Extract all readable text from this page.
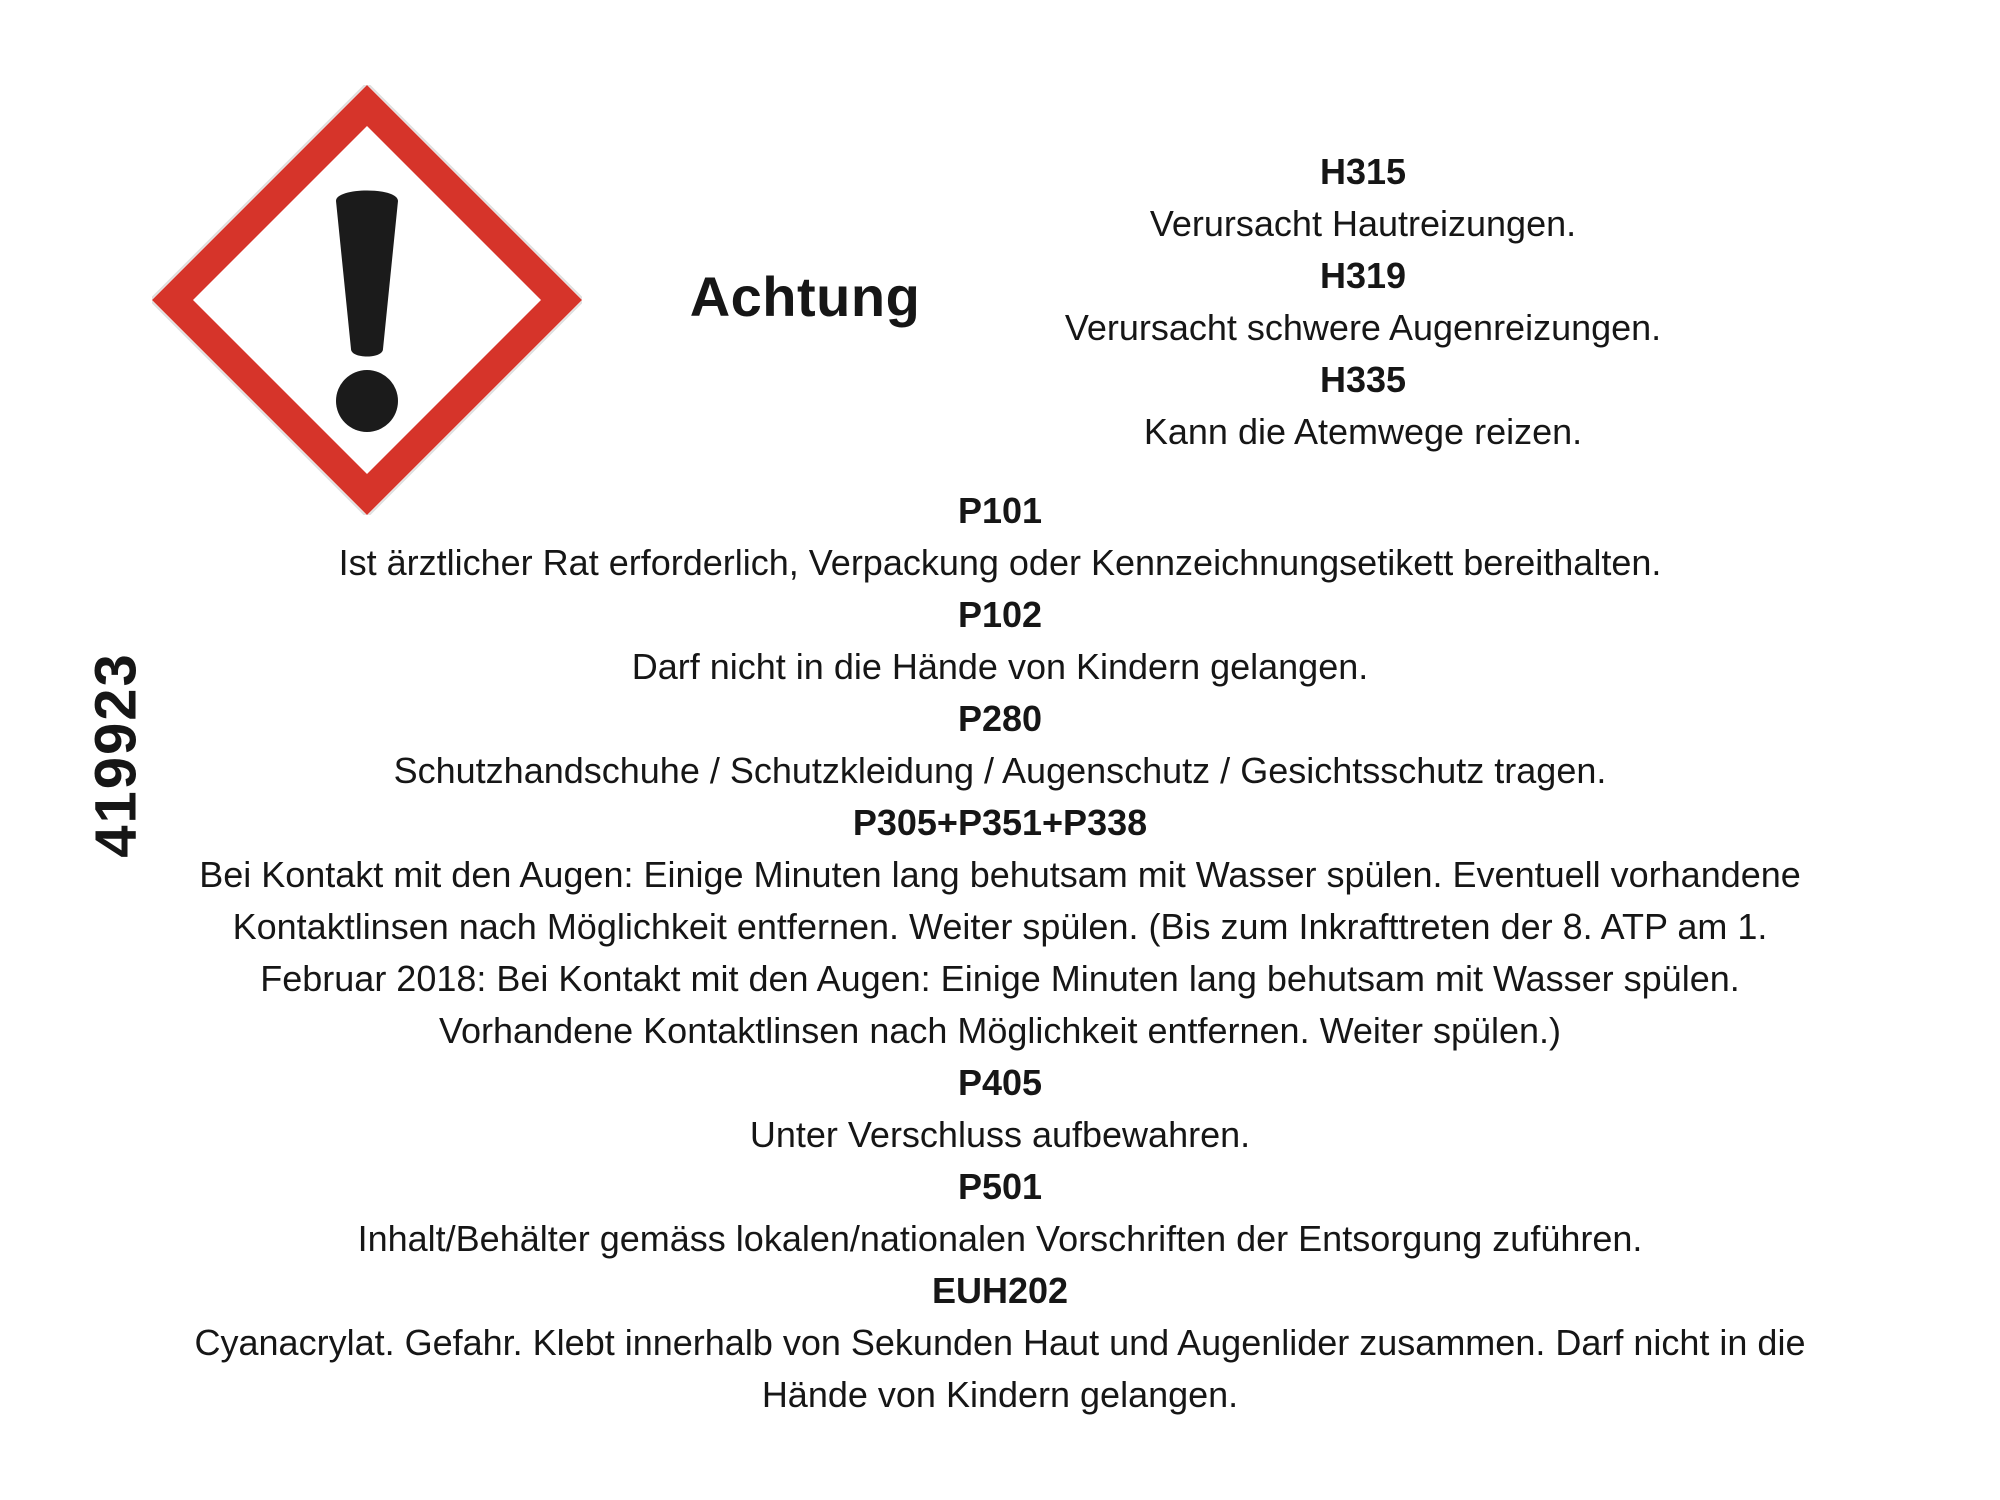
419923
Achtung
H315
Verursacht Hautreizungen.
H319
Verursacht schwere Augenreizungen.
H335
Kann die Atemwege reizen.
P101
Ist ärztlicher Rat erforderlich, Verpackung oder Kennzeichnungsetikett bereithalten.
P102
Darf nicht in die Hände von Kindern gelangen.
P280
Schutzhandschuhe / Schutzkleidung / Augenschutz / Gesichtsschutz tragen.
P305+P351+P338
Bei Kontakt mit den Augen: Einige Minuten lang behutsam mit Wasser spülen. Eventuell vorhandene
Kontaktlinsen nach Möglichkeit entfernen. Weiter spülen. (Bis zum Inkrafttreten der 8. ATP am 1.
Februar 2018: Bei Kontakt mit den Augen: Einige Minuten lang behutsam mit Wasser spülen.
Vorhandene Kontaktlinsen nach Möglichkeit entfernen. Weiter spülen.)
P405
Unter Verschluss aufbewahren.
P501
Inhalt/Behälter gemäss lokalen/nationalen Vorschriften der Entsorgung zuführen.
EUH202
Cyanacrylat. Gefahr. Klebt innerhalb von Sekunden Haut und Augenlider zusammen. Darf nicht in die
Hände von Kindern gelangen.
